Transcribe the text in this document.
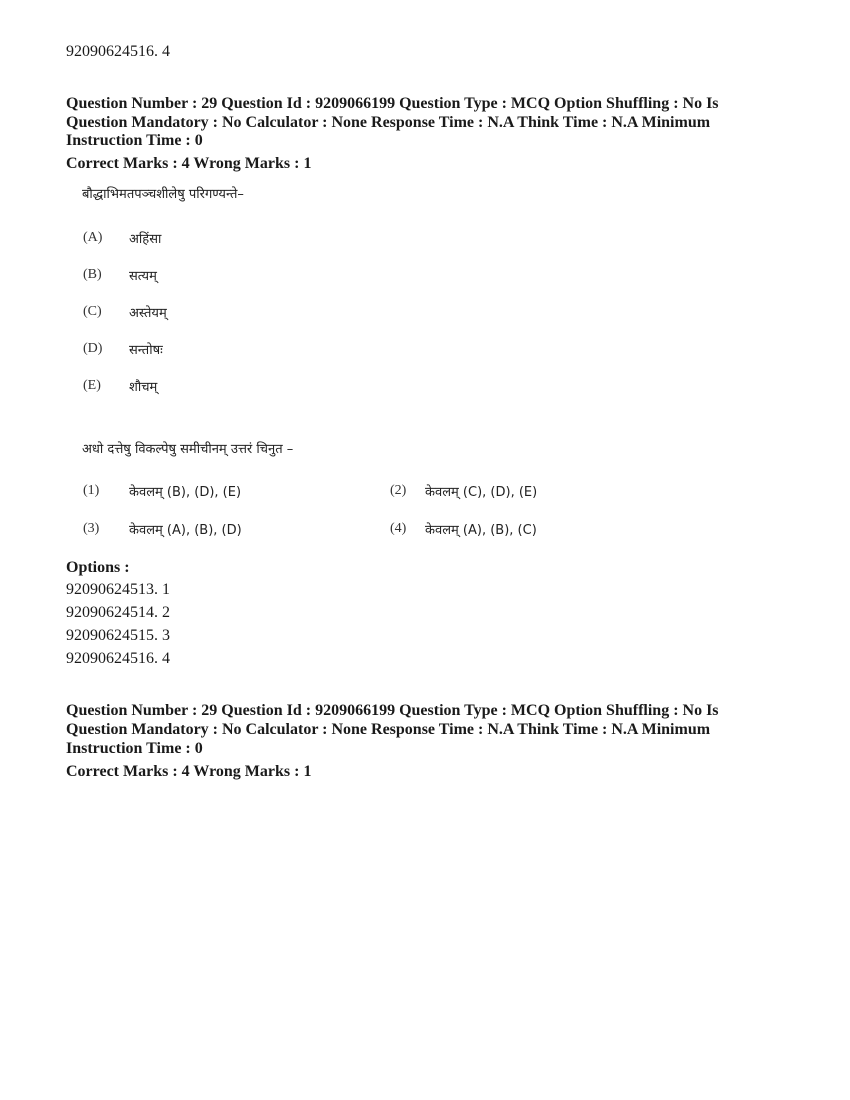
92090624516. 4
Question Number : 29 Question Id : 9209066199 Question Type : MCQ Option Shuffling : No Is
Question Mandatory : No Calculator : None Response Time : N.A Think Time : N.A Minimum
Instruction Time : 0
Correct Marks : 4 Wrong Marks : 1
बौद्धाभिमतपञ्चशीलेषु परिगण्यन्ते–
(A) अहिंसा
(B) सत्यम्
(C) अस्तेयम्
(D) सन्तोषः
(E) शौचम्
अधो दत्तेषु विकल्पेषु समीचीनम् उत्तरं चिनुत –
(1) केवलम् (B), (D), (E)	(2) केवलम् (C), (D), (E)
(3) केवलम् (A), (B), (D)	(4) केवलम् (A), (B), (C)
Options :
92090624513. 1
92090624514. 2
92090624515. 3
92090624516. 4
Question Number : 29 Question Id : 9209066199 Question Type : MCQ Option Shuffling : No Is
Question Mandatory : No Calculator : None Response Time : N.A Think Time : N.A Minimum
Instruction Time : 0
Correct Marks : 4 Wrong Marks : 1
